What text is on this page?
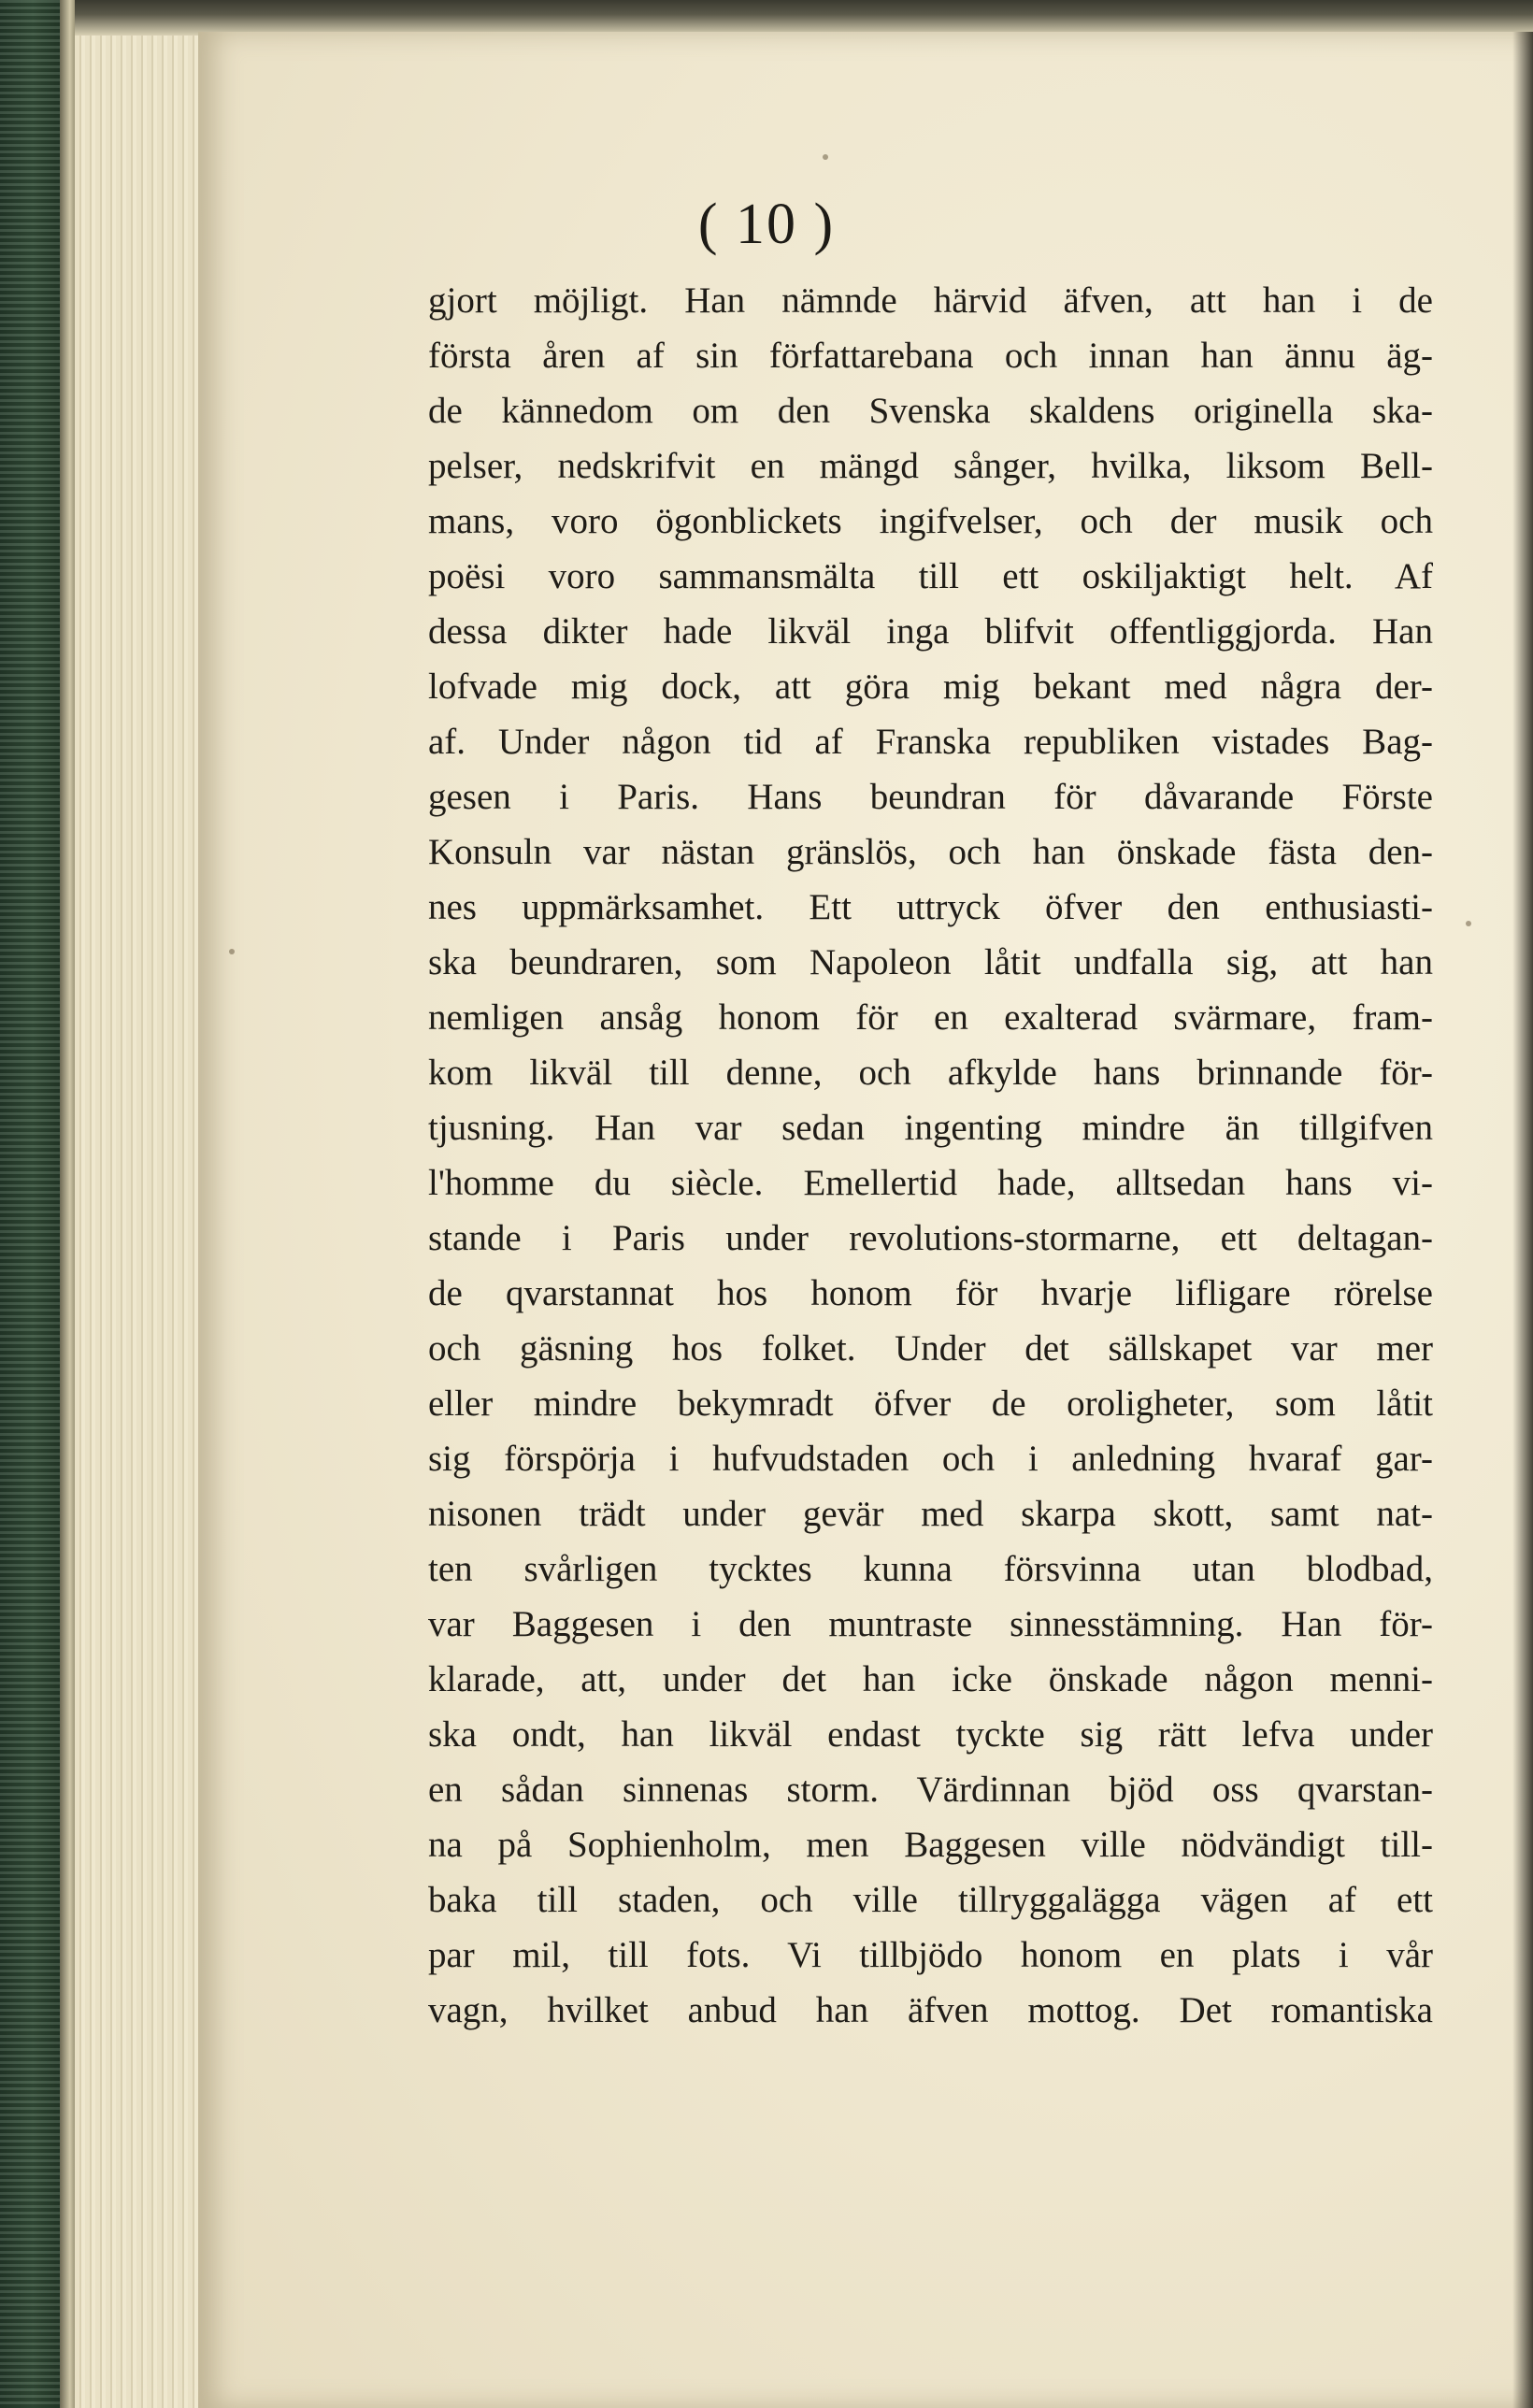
( 10 )
gjort möjligt. Han nämnde härvid äfven, att han i de
första åren af sin författarebana och innan han ännu äg-
de kännedom om den Svenska skaldens originella ska-
pelser, nedskrifvit en mängd sånger, hvilka, liksom Bell-
mans, voro ögonblickets ingifvelser, och der musik och
poësi voro sammansmälta till ett oskiljaktigt helt. Af
dessa dikter hade likväl inga blifvit offentliggjorda. Han
lofvade mig dock, att göra mig bekant med några der-
af. Under någon tid af Franska republiken vistades Bag-
gesen i Paris. Hans beundran för dåvarande Förste
Konsuln var nästan gränslös, och han önskade fästa den-
nes uppmärksamhet. Ett uttryck öfver den enthusiasti-
ska beundraren, som Napoleon låtit undfalla sig, att han
nemligen ansåg honom för en exalterad svärmare, fram-
kom likväl till denne, och afkylde hans brinnande för-
tjusning. Han var sedan ingenting mindre än tillgifven
l'homme du siècle. Emellertid hade, alltsedan hans vi-
stande i Paris under revolutions-stormarne, ett deltagan-
de qvarstannat hos honom för hvarje lifligare rörelse
och gäsning hos folket. Under det sällskapet var mer
eller mindre bekymradt öfver de oroligheter, som låtit
sig förspörja i hufvudstaden och i anledning hvaraf gar-
nisonen trädt under gevär med skarpa skott, samt nat-
ten svårligen tycktes kunna försvinna utan blodbad,
var Baggesen i den muntraste sinnesstämning. Han för-
klarade, att, under det han icke önskade någon menni-
ska ondt, han likväl endast tyckte sig rätt lefva under
en sådan sinnenas storm. Värdinnan bjöd oss qvarstan-
na på Sophienholm, men Baggesen ville nödvändigt till-
baka till staden, och ville tillryggalägga vägen af ett
par mil, till fots. Vi tillbjödo honom en plats i vår
vagn, hvilket anbud han äfven mottog. Det romantiska
